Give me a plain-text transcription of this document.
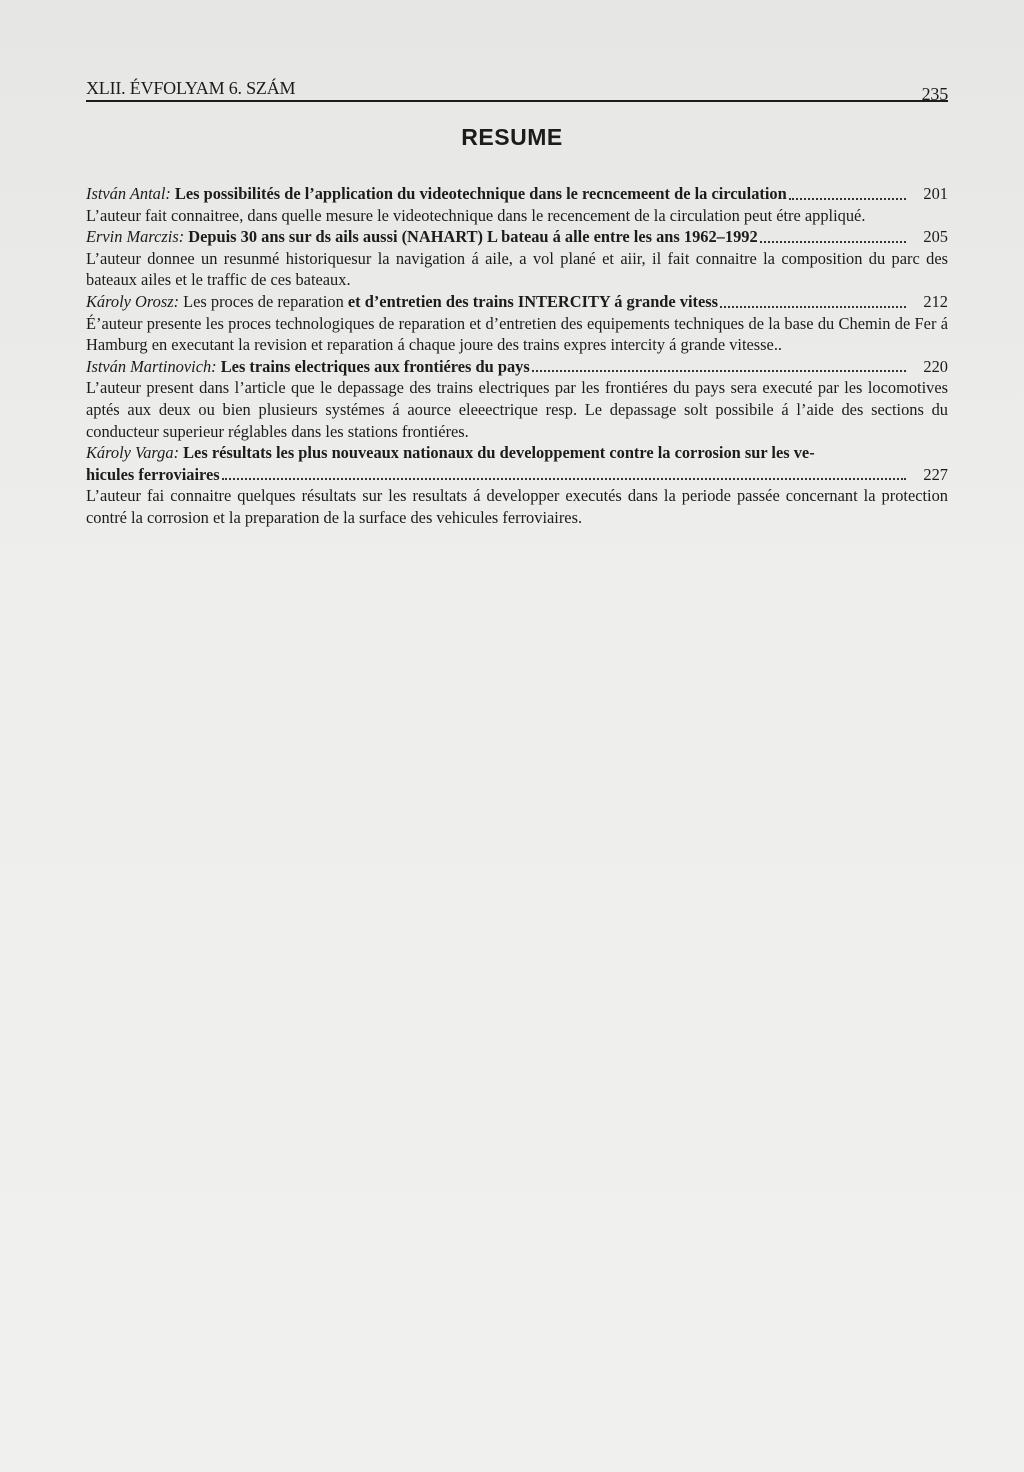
XLII. ÉVFOLYAM 6. SZÁM	235
RESUME
István Antal: Les possibilités de l’application du videotechnique dans le recncemeent de la circulation	201
L’auteur fait connaitree, dans quelle mesure le videotechnique dans le recencement de la circulation peut étre appliqué.
Ervin Marczis: Depuis 30 ans sur ds ails aussi (NAHART) L bateau á alle entre les ans 1962–1992	205
L’auteur donnee un resunmé historiquesur la navigation á aile, a vol plané et aiir, il fait connaitre la composition du parc des bateaux ailes et le traffic de ces bateaux.
Károly Orosz: Les proces de reparation et d’entretien des trains INTERCITY á grande vitess	212
É’auteur presente les proces technologiques de reparation et d’entretien des equipements techniques de la base du Chemin de Fer á Hamburg en executant la revision et reparation á chaque joure des trains expres intercity á grande vitesse..
István Martinovich: Les trains electriques aux frontiéres du pays	220
L’auteur present dans l’article que le depassage des trains electriques par les frontiéres du pays sera executé par les locomotives aptés aux deux ou bien plusieurs systémes á aource eleeectrique resp. Le depassage solt possibile á l’aide des sections du conducteur superieur réglables dans les stations frontiéres.
Károly Varga: Les résultats les plus nouveaux nationaux du developpement contre la corrosion sur les ve-
hicules ferroviaires	227
L’auteur fai connaitre quelques résultats sur les resultats á developper executés dans la periode passée concernant la protection contré la corrosion et la preparation de la surface des vehicules ferroviaires.
